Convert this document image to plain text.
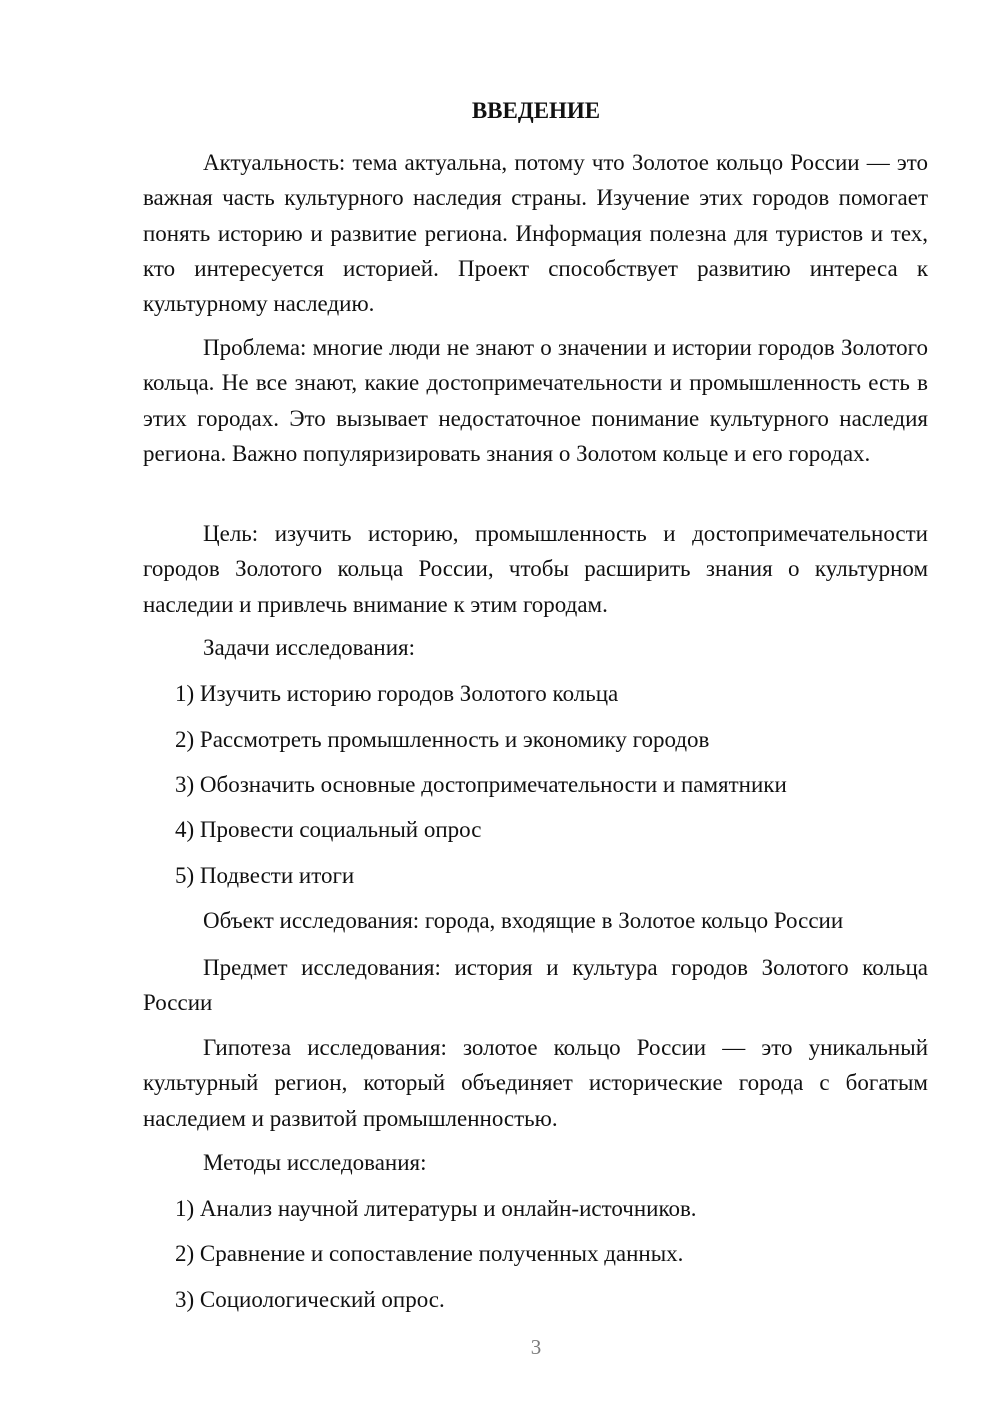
ВВЕДЕНИЕ
Актуальность: тема актуальна, потому что Золотое кольцо России — это важная часть культурного наследия страны. Изучение этих городов помогает понять историю и развитие региона. Информация полезна для туристов и тех, кто интересуется историей. Проект способствует развитию интереса к культурному наследию.
Проблема: многие люди не знают о значении и истории городов Золотого кольца. Не все знают, какие достопримечательности и промышленность есть в этих городах. Это вызывает недостаточное понимание культурного наследия региона. Важно популяризировать знания о Золотом кольце и его городах.
Цель: изучить историю, промышленность и достопримечательности городов Золотого кольца России, чтобы расширить знания о культурном наследии и привлечь внимание к этим городам.
Задачи исследования:
1) Изучить историю городов Золотого кольца
2) Рассмотреть промышленность и экономику городов
3) Обозначить основные достопримечательности и памятники
4) Провести социальный опрос
5) Подвести итоги
Объект исследования: города, входящие в Золотое кольцо России
Предмет исследования: история и культура городов Золотого кольца России
Гипотеза исследования: золотое кольцо России — это уникальный культурный регион, который объединяет исторические города с богатым наследием и развитой промышленностью.
Методы исследования:
1) Анализ научной литературы и онлайн-источников.
2) Сравнение и сопоставление полученных данных.
3) Социологический опрос.
3
